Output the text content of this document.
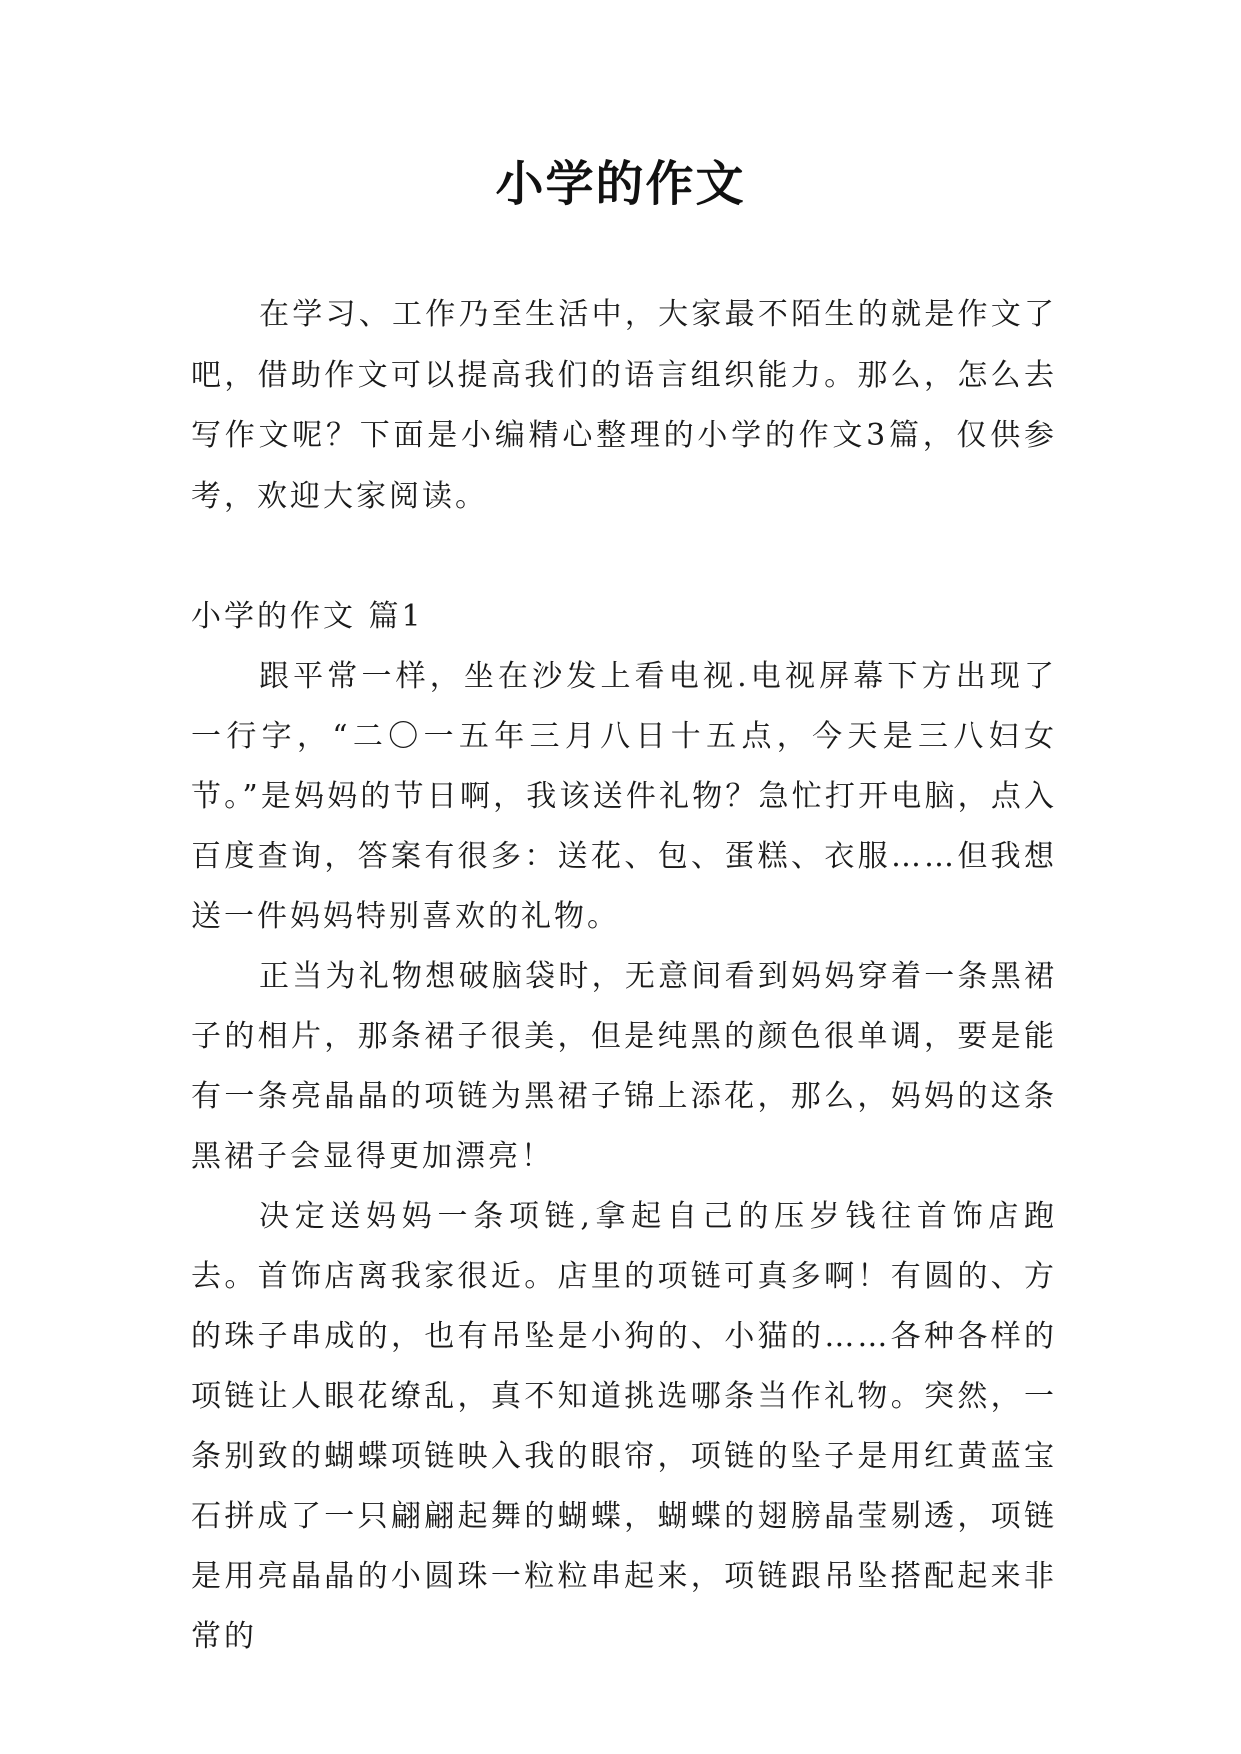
小学的作文

在学习、工作乃至生活中，大家最不陌生的就是作文了吧，借助作文可以提高我们的语言组织能力。那么，怎么去写作文呢？下面是小编精心整理的小学的作文3篇，仅供参考，欢迎大家阅读。

小学的作文 篇1

跟平常一样，坐在沙发上看电视.电视屏幕下方出现了一行字，“二〇一五年三月八日十五点，今天是三八妇女节。”是妈妈的节日啊，我该送件礼物？急忙打开电脑，点入百度查询，答案有很多：送花、包、蛋糕、衣服……但我想送一件妈妈特别喜欢的礼物。

正当为礼物想破脑袋时，无意间看到妈妈穿着一条黑裙子的相片，那条裙子很美，但是纯黑的颜色很单调，要是能有一条亮晶晶的项链为黑裙子锦上添花，那么，妈妈的这条黑裙子会显得更加漂亮！

决定送妈妈一条项链,拿起自己的压岁钱往首饰店跑去。首饰店离我家很近。店里的项链可真多啊！有圆的、方的珠子串成的，也有吊坠是小狗的、小猫的……各种各样的项链让人眼花缭乱，真不知道挑选哪条当作礼物。突然，一条别致的蝴蝶项链映入我的眼帘，项链的坠子是用红黄蓝宝石拼成了一只翩翩起舞的蝴蝶，蝴蝶的翅膀晶莹剔透，项链是用亮晶晶的小圆珠一粒粒串起来，项链跟吊坠搭配起来非常的
